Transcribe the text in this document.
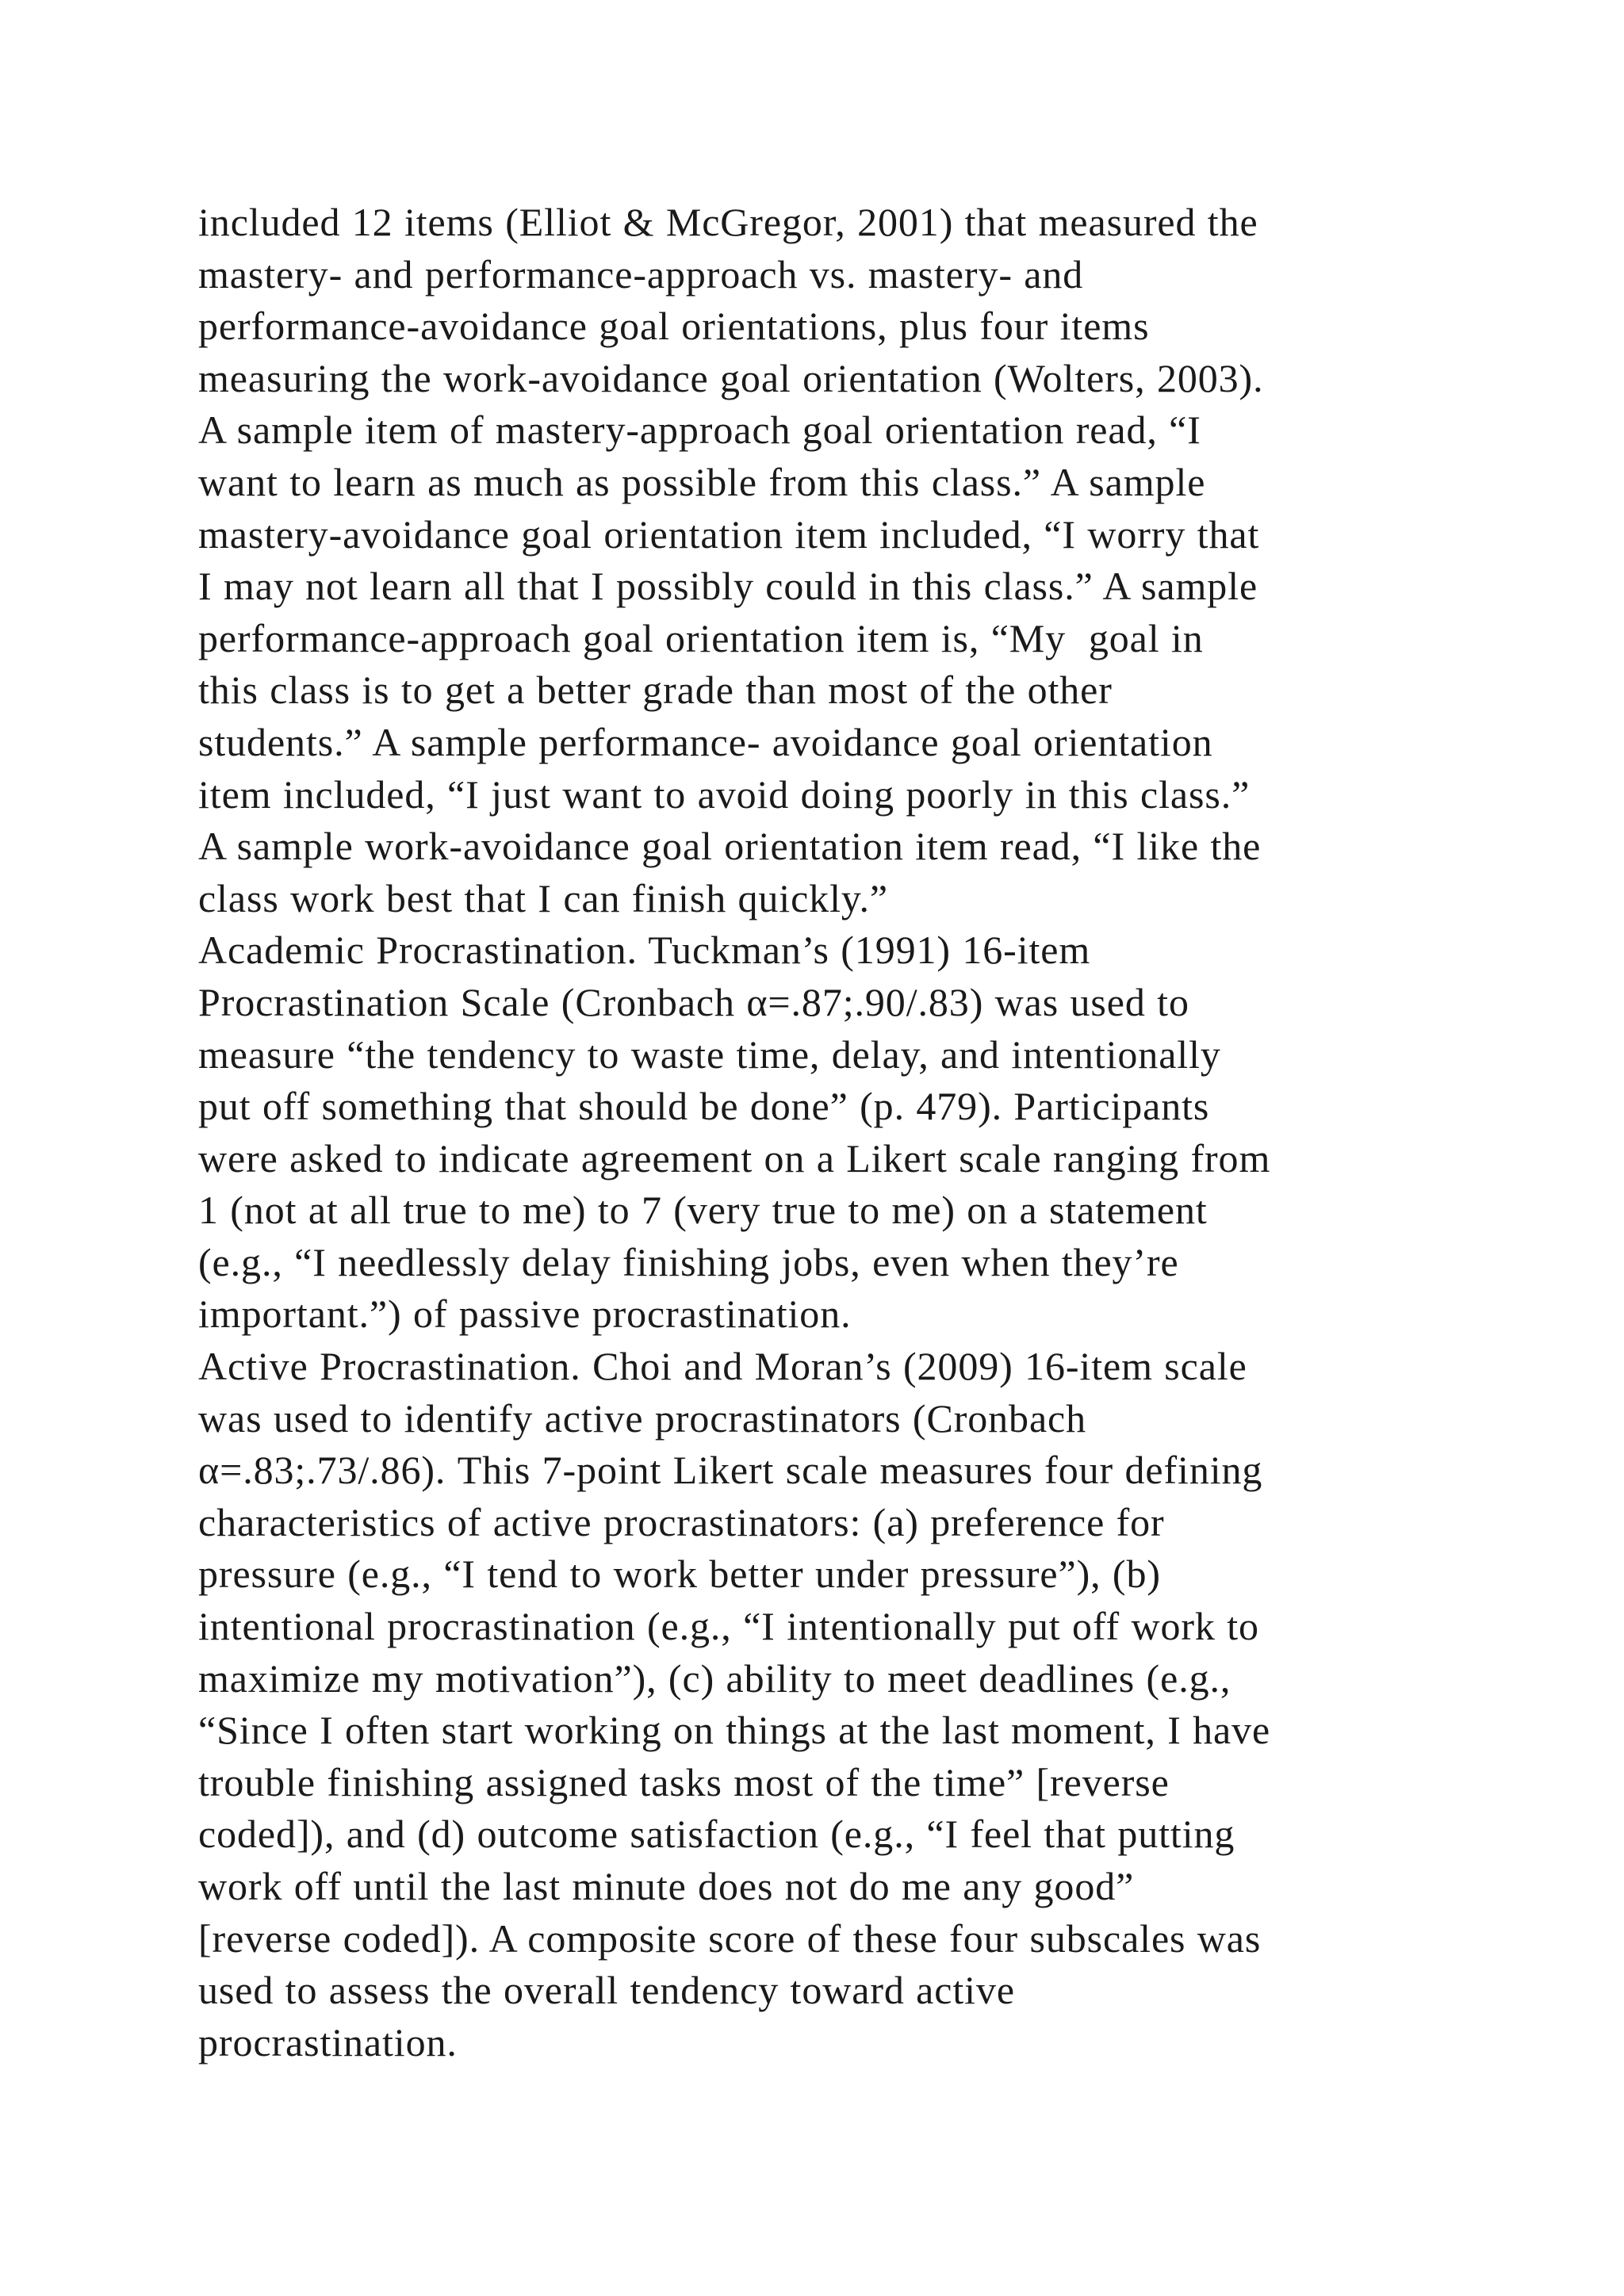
included 12 items (Elliot & McGregor, 2001) that measured the
mastery- and performance-approach vs. mastery- and
performance-avoidance goal orientations, plus four items
measuring the work-avoidance goal orientation (Wolters, 2003).
A sample item of mastery-approach goal orientation read, “I
want to learn as much as possible from this class.” A sample
mastery-avoidance goal orientation item included, “I worry that
I may not learn all that I possibly could in this class.” A sample
performance-approach goal orientation item is, “My  goal in
this class is to get a better grade than most of the other
students.” A sample performance- avoidance goal orientation
item included, “I just want to avoid doing poorly in this class.”
A sample work-avoidance goal orientation item read, “I like the
class work best that I can finish quickly.”
Academic Procrastination. Tuckman’s (1991) 16-item
Procrastination Scale (Cronbach α=.87;.90/.83) was used to
measure “the tendency to waste time, delay, and intentionally
put off something that should be done” (p. 479). Participants
were asked to indicate agreement on a Likert scale ranging from
1 (not at all true to me) to 7 (very true to me) on a statement
(e.g., “I needlessly delay finishing jobs, even when they’re
important.”) of passive procrastination.
Active Procrastination. Choi and Moran’s (2009) 16-item scale
was used to identify active procrastinators (Cronbach
α=.83;.73/.86). This 7-point Likert scale measures four defining
characteristics of active procrastinators: (a) preference for
pressure (e.g., “I tend to work better under pressure”), (b)
intentional procrastination (e.g., “I intentionally put off work to
maximize my motivation”), (c) ability to meet deadlines (e.g.,
“Since I often start working on things at the last moment, I have
trouble finishing assigned tasks most of the time” [reverse
coded]), and (d) outcome satisfaction (e.g., “I feel that putting
work off until the last minute does not do me any good”
[reverse coded]). A composite score of these four subscales was
used to assess the overall tendency toward active
procrastination.
